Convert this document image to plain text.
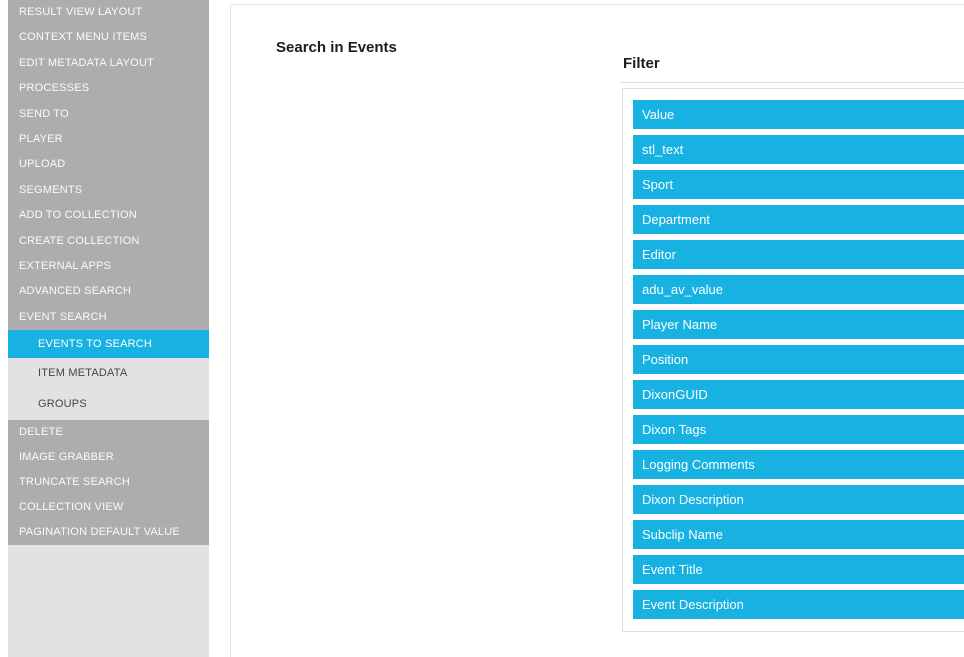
RESULT VIEW LAYOUT
CONTEXT MENU ITEMS
EDIT METADATA LAYOUT
PROCESSES
SEND TO
PLAYER
UPLOAD
SEGMENTS
ADD TO COLLECTION
CREATE COLLECTION
EXTERNAL APPS
ADVANCED SEARCH
EVENT SEARCH
EVENTS TO SEARCH
ITEM METADATA
GROUPS
DELETE
IMAGE GRABBER
TRUNCATE SEARCH
COLLECTION VIEW
PAGINATION DEFAULT VALUE
Search in Events
Filter
Value
stl_text
Sport
Department
Editor
adu_av_value
Player Name
Position
DixonGUID
Dixon Tags
Logging Comments
Dixon Description
Subclip Name
Event Title
Event Description
